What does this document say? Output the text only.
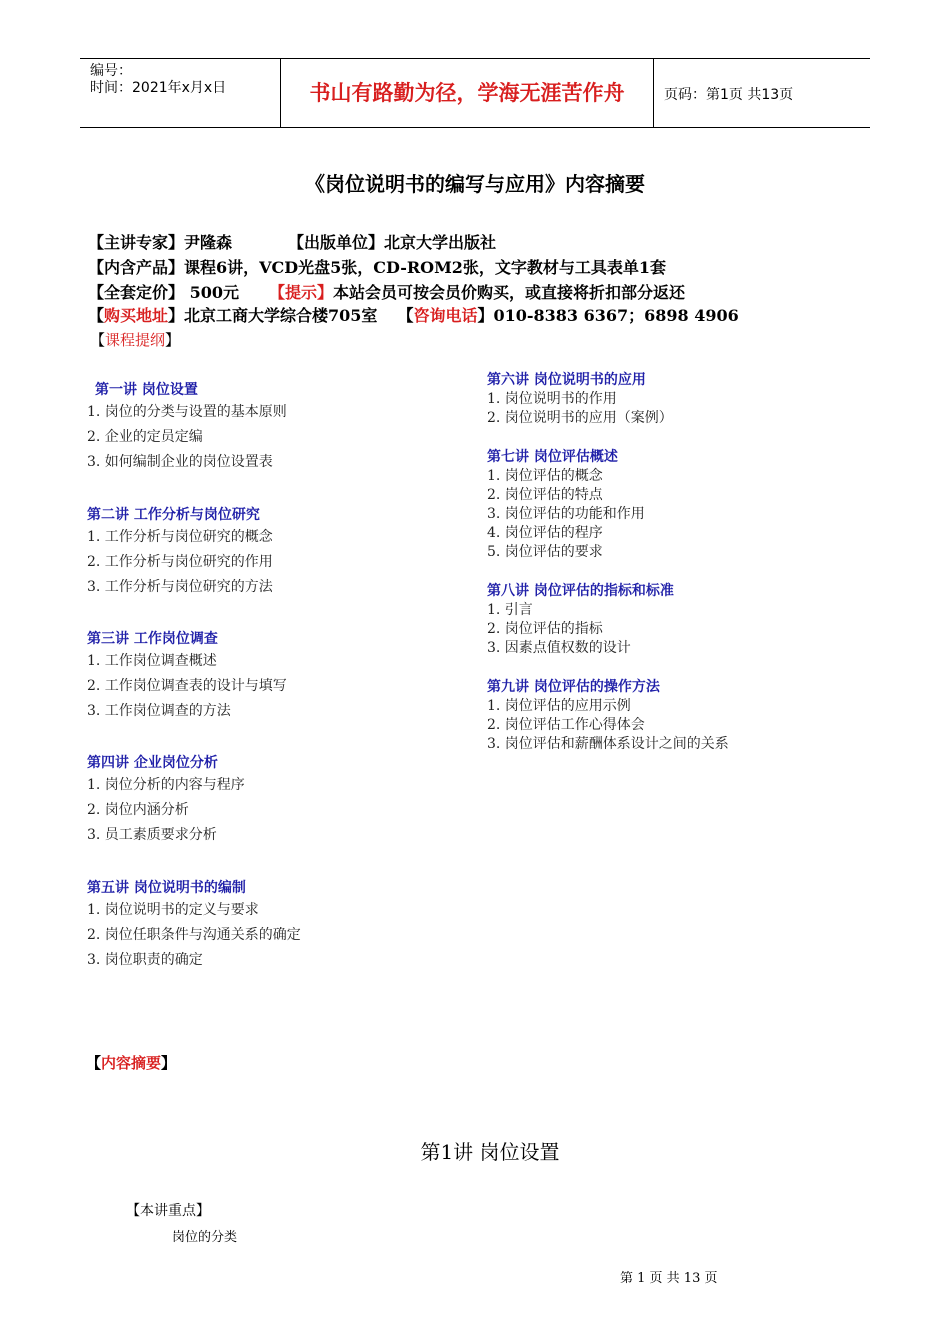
编号：
时间：2021年x月x日	书山有路勤为径，学海无涯苦作舟	页码：第1页 共13页
《岗位说明书的编写与应用》内容摘要
【主讲专家】尹隆森	【出版单位】北京大学出版社
【内含产品】课程6讲，VCD光盘5张，CD-ROM2张，文字教材与工具表单1套
【全套定价】 500元 【提示】本站会员可按会员价购买，或直接将折扣部分返还
【购买地址】北京工商大学综合楼705室 【咨询电话】010-8383 6367；6898 4906
【课程提纲】
第一讲 岗位设置
1. 岗位的分类与设置的基本原则
2. 企业的定员定编
3. 如何编制企业的岗位设置表
第二讲 工作分析与岗位研究
1. 工作分析与岗位研究的概念
2. 工作分析与岗位研究的作用
3. 工作分析与岗位研究的方法
第三讲 工作岗位调查
1. 工作岗位调查概述
2. 工作岗位调查表的设计与填写
3. 工作岗位调查的方法
第四讲 企业岗位分析
1. 岗位分析的内容与程序
2. 岗位内涵分析
3. 员工素质要求分析
第五讲 岗位说明书的编制
1. 岗位说明书的定义与要求
2. 岗位任职条件与沟通关系的确定
3. 岗位职责的确定
第六讲 岗位说明书的应用
1. 岗位说明书的作用
2. 岗位说明书的应用（案例）
第七讲 岗位评估概述
1. 岗位评估的概念
2. 岗位评估的特点
3. 岗位评估的功能和作用
4. 岗位评估的程序
5. 岗位评估的要求
第八讲 岗位评估的指标和标准
1. 引言
2. 岗位评估的指标
3. 因素点值权数的设计
第九讲 岗位评估的操作方法
1. 岗位评估的应用示例
2. 岗位评估工作心得体会
3. 岗位评估和薪酬体系设计之间的关系
【内容摘要】
第1讲 岗位设置
【本讲重点】
岗位的分类
第 1 页 共 13 页
